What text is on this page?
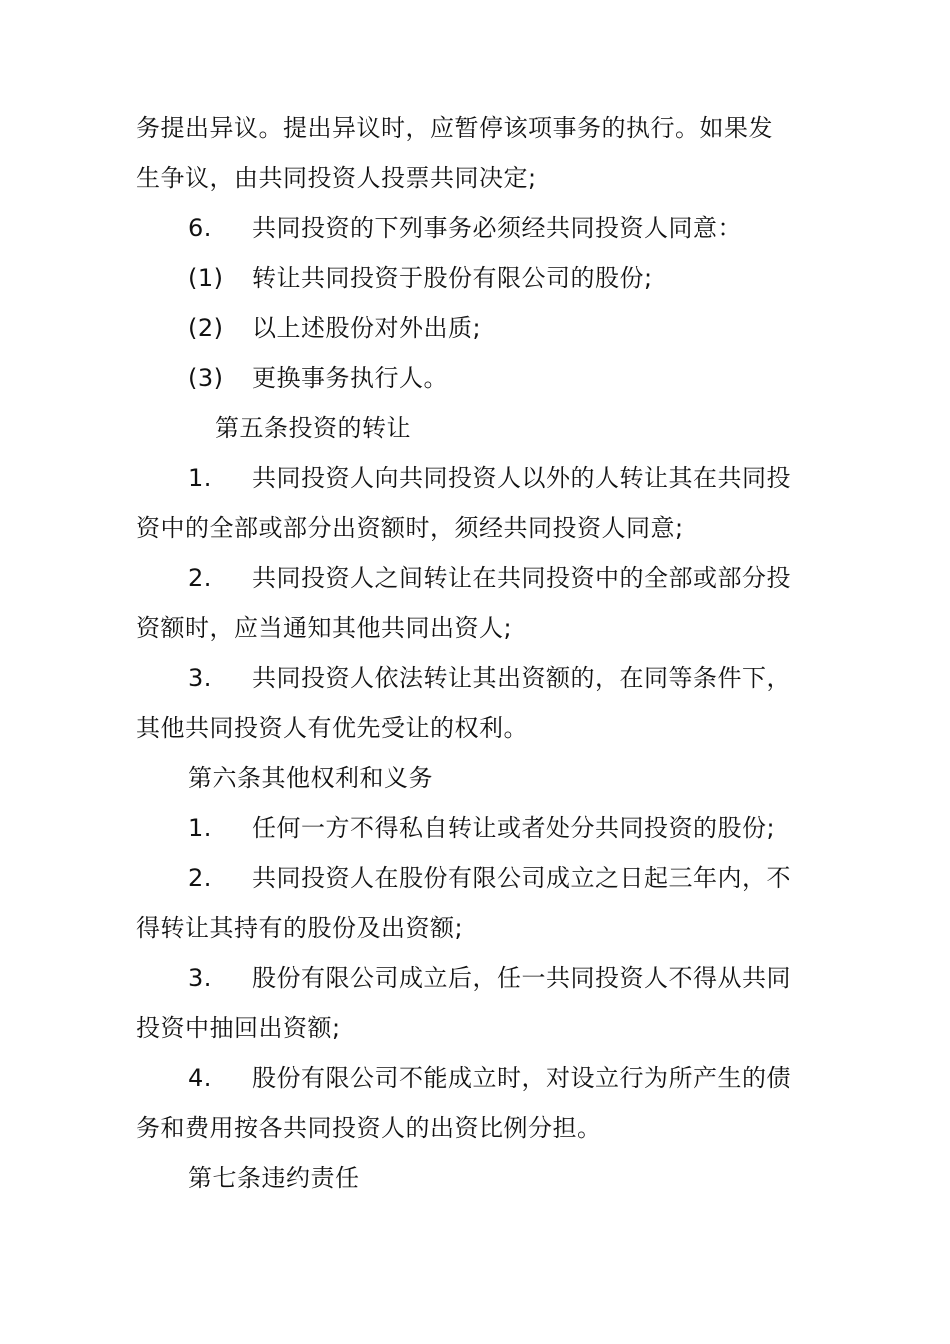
务提出异议。提出异议时，应暂停该项事务的执行。如果发
生争议，由共同投资人投票共同决定;
6. 共同投资的下列事务必须经共同投资人同意：
(1) 转让共同投资于股份有限公司的股份;
(2) 以上述股份对外出质;
(3) 更换事务执行人。
第五条投资的转让
1. 共同投资人向共同投资人以外的人转让其在共同投
资中的全部或部分出资额时，须经共同投资人同意;
2. 共同投资人之间转让在共同投资中的全部或部分投
资额时，应当通知其他共同出资人;
3. 共同投资人依法转让其出资额的，在同等条件下，
其他共同投资人有优先受让的权利。
第六条其他权利和义务
1. 任何一方不得私自转让或者处分共同投资的股份;
2. 共同投资人在股份有限公司成立之日起三年内，不
得转让其持有的股份及出资额;
3. 股份有限公司成立后，任一共同投资人不得从共同
投资中抽回出资额;
4. 股份有限公司不能成立时，对设立行为所产生的债
务和费用按各共同投资人的出资比例分担。
第七条违约责任
